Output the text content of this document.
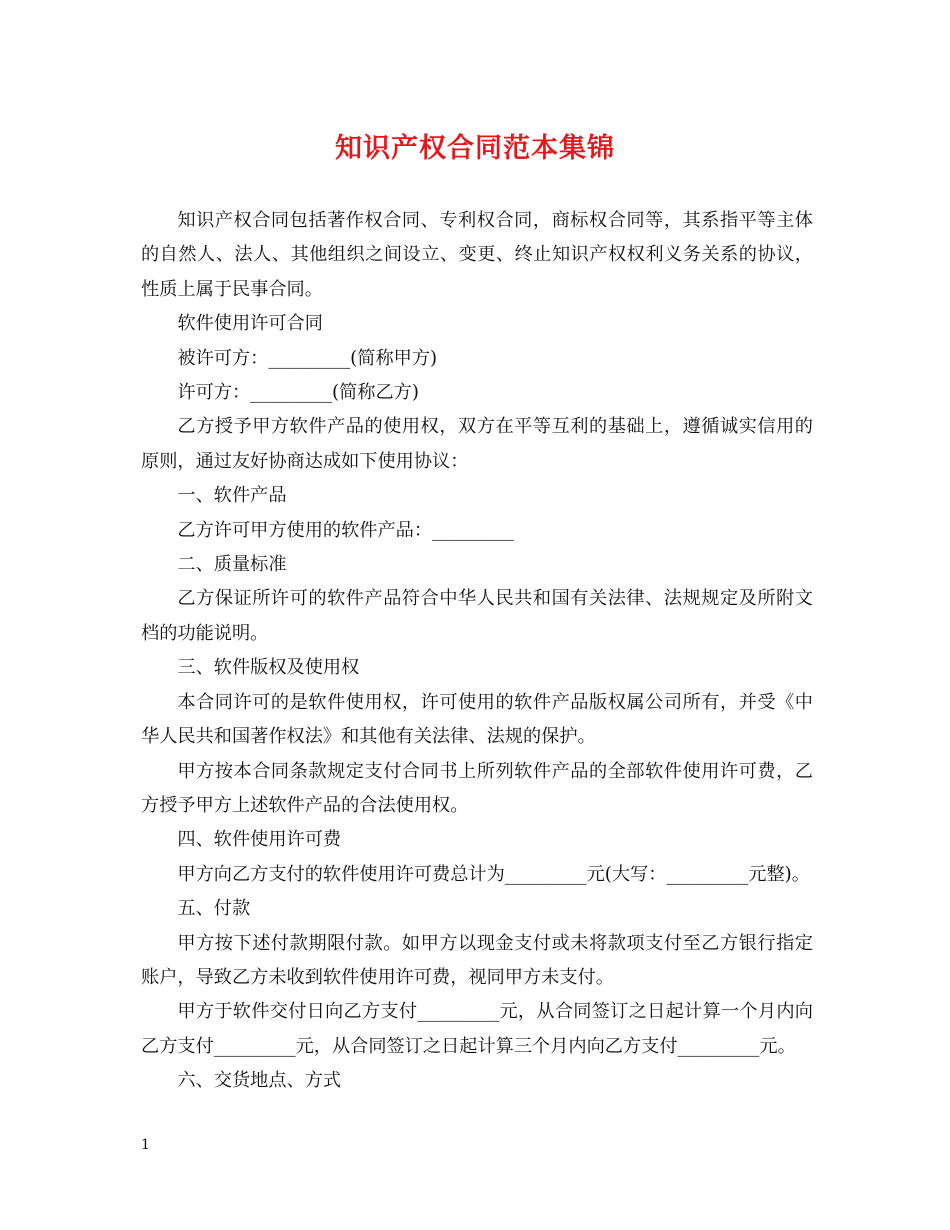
知识产权合同范本集锦

知识产权合同包括著作权合同、专利权合同，商标权合同等，其系指平等主体的自然人、法人、其他组织之间设立、变更、终止知识产权权利义务关系的协议，性质上属于民事合同。

软件使用许可合同

被许可方：_________(简称甲方)

许可方：_________(简称乙方)

乙方授予甲方软件产品的使用权，双方在平等互利的基础上，遵循诚实信用的原则，通过友好协商达成如下使用协议：

一、软件产品

乙方许可甲方使用的软件产品：_________

二、质量标准

乙方保证所许可的软件产品符合中华人民共和国有关法律、法规规定及所附文档的功能说明。

三、软件版权及使用权

本合同许可的是软件使用权，许可使用的软件产品版权属公司所有，并受《中华人民共和国著作权法》和其他有关法律、法规的保护。

甲方按本合同条款规定支付合同书上所列软件产品的全部软件使用许可费，乙方授予甲方上述软件产品的合法使用权。

四、软件使用许可费

甲方向乙方支付的软件使用许可费总计为_________元(大写：_________元整)。

五、付款

甲方按下述付款期限付款。如甲方以现金支付或未将款项支付至乙方银行指定账户，导致乙方未收到软件使用许可费，视同甲方未支付。

甲方于软件交付日向乙方支付_________元，从合同签订之日起计算一个月内向乙方支付_________元，从合同签订之日起计算三个月内向乙方支付_________元。

六、交货地点、方式

1
